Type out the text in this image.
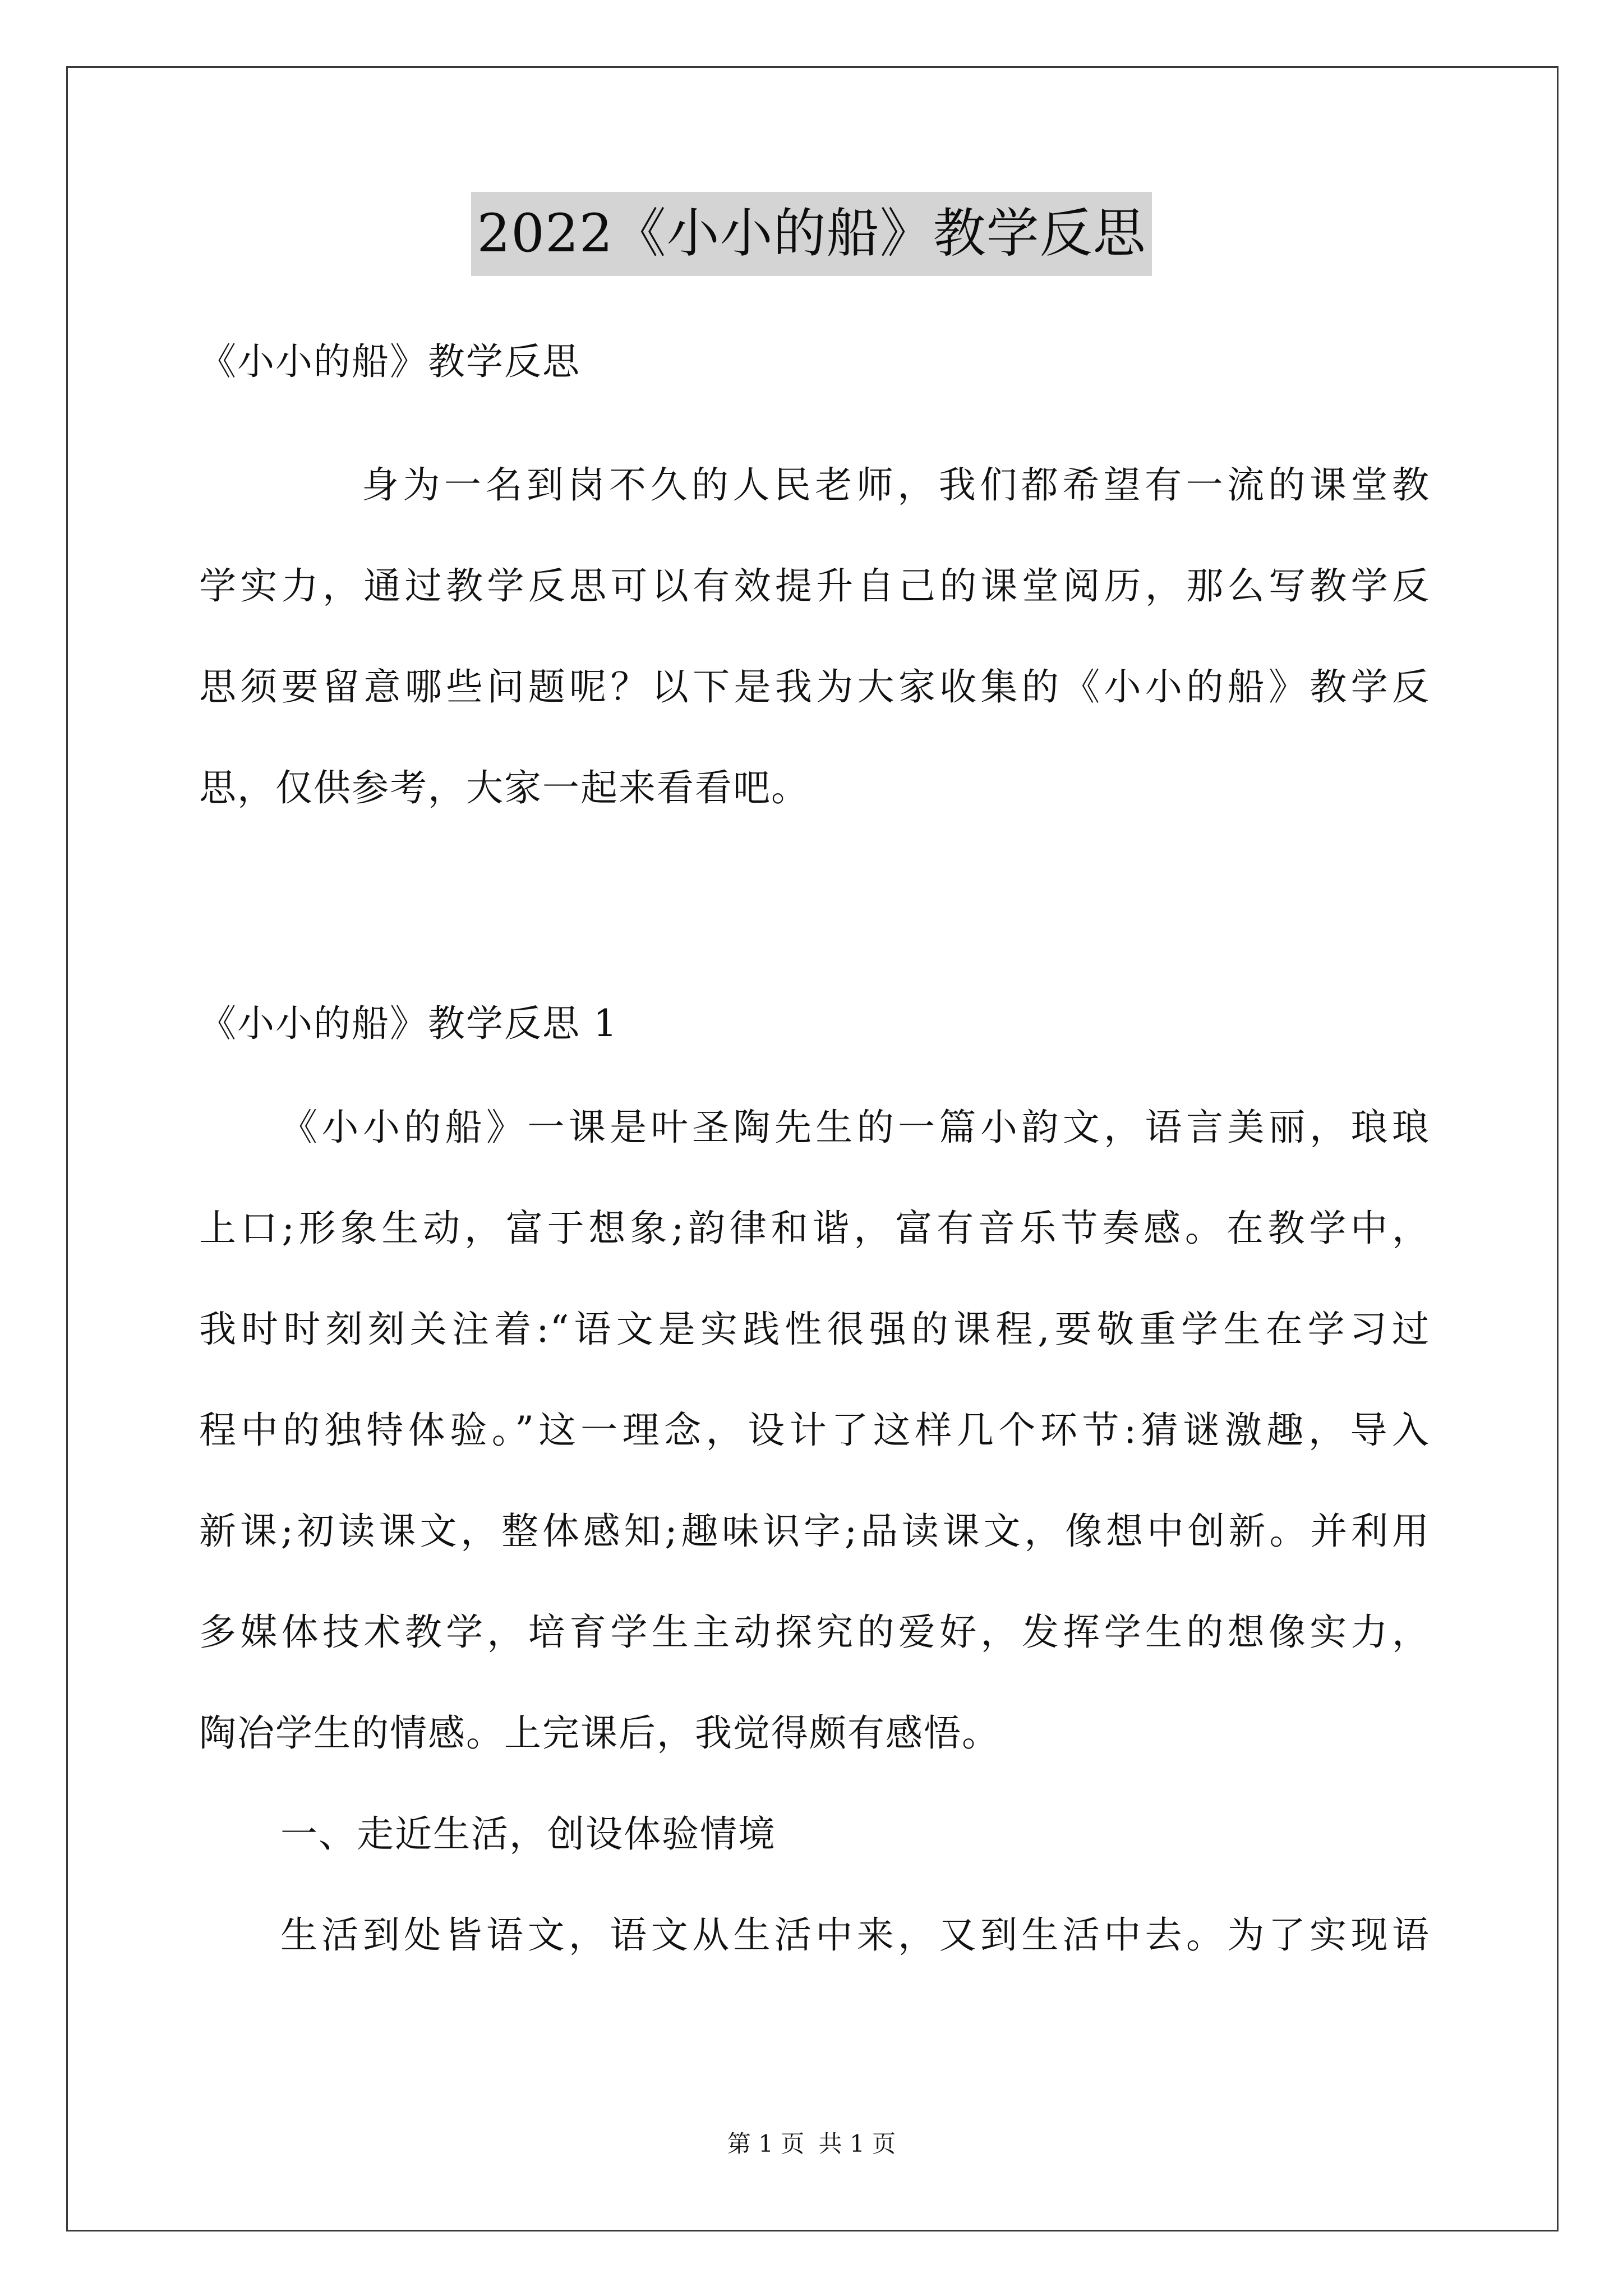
2022《小小的船》教学反思
《小小的船》教学反思
身为一名到岗不久的人民老师，我们都希望有一流的课堂教
学实力，通过教学反思可以有效提升自己的课堂阅历，那么写教学反
思须要留意哪些问题呢？以下是我为大家收集的《小小的船》教学反
思，仅供参考，大家一起来看看吧。
《小小的船》教学反思 1
《小小的船》一课是叶圣陶先生的一篇小韵文，语言美丽，琅琅
上口;形象生动，富于想象;韵律和谐，富有音乐节奏感。在教学中，
我时时刻刻关注着:“语文是实践性很强的课程,要敬重学生在学习过
程中的独特体验。”这一理念，设计了这样几个环节:猜谜激趣，导入
新课;初读课文，整体感知;趣味识字;品读课文，像想中创新。并利用
多媒体技术教学，培育学生主动探究的爱好，发挥学生的想像实力，
陶冶学生的情感。上完课后，我觉得颇有感悟。
一、走近生活，创设体验情境
生活到处皆语文，语文从生活中来，又到生活中去。为了实现语
第 1 页 共 1 页
